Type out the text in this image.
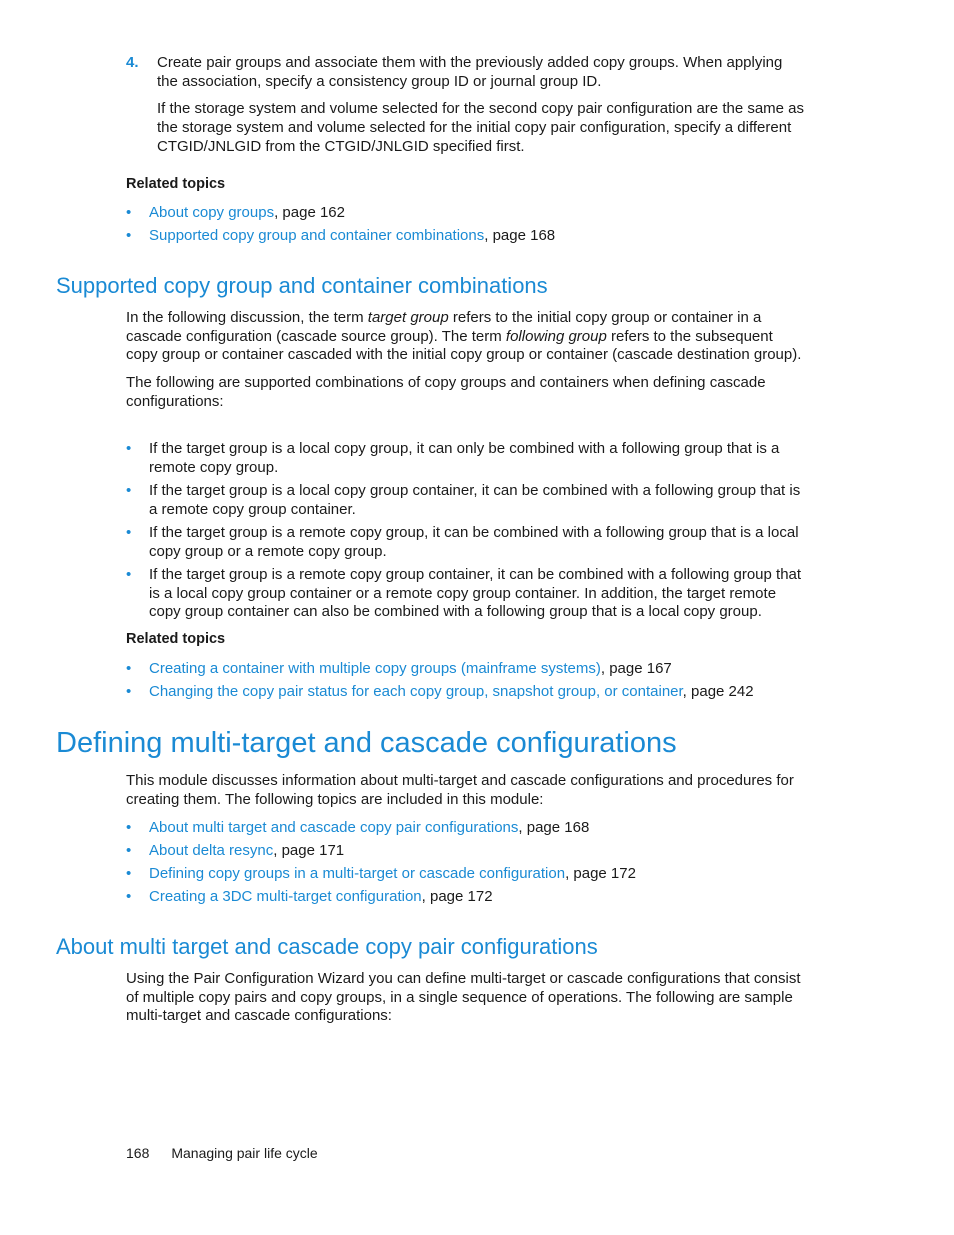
4. Create pair groups and associate them with the previously added copy groups. When applying the association, specify a consistency group ID or journal group ID.

If the storage system and volume selected for the second copy pair configuration are the same as the storage system and volume selected for the initial copy pair configuration, specify a different CTGID/JNLGID from the CTGID/JNLGID specified first.

Related topics
• About copy groups, page 162
• Supported copy group and container combinations, page 168
Supported copy group and container combinations

In the following discussion, the term target group refers to the initial copy group or container in a cascade configuration (cascade source group). The term following group refers to the subsequent copy group or container cascaded with the initial copy group or container (cascade destination group).

The following are supported combinations of copy groups and containers when defining cascade configurations:

• If the target group is a local copy group, it can only be combined with a following group that is a remote copy group.
• If the target group is a local copy group container, it can be combined with a following group that is a remote copy group container.
• If the target group is a remote copy group, it can be combined with a following group that is a local copy group or a remote copy group.
• If the target group is a remote copy group container, it can be combined with a following group that is a local copy group container or a remote copy group container. In addition, the target remote copy group container can also be combined with a following group that is a local copy group.
Related topics
• Creating a container with multiple copy groups (mainframe systems), page 167
• Changing the copy pair status for each copy group, snapshot group, or container, page 242
Defining multi-target and cascade configurations

This module discusses information about multi-target and cascade configurations and procedures for creating them. The following topics are included in this module:

• About multi target and cascade copy pair configurations, page 168
• About delta resync, page 171
• Defining copy groups in a multi-target or cascade configuration, page 172
• Creating a 3DC multi-target configuration, page 172
About multi target and cascade copy pair configurations

Using the Pair Configuration Wizard you can define multi-target or cascade configurations that consist of multiple copy pairs and copy groups, in a single sequence of operations. The following are sample multi-target and cascade configurations:

168 Managing pair life cycle
